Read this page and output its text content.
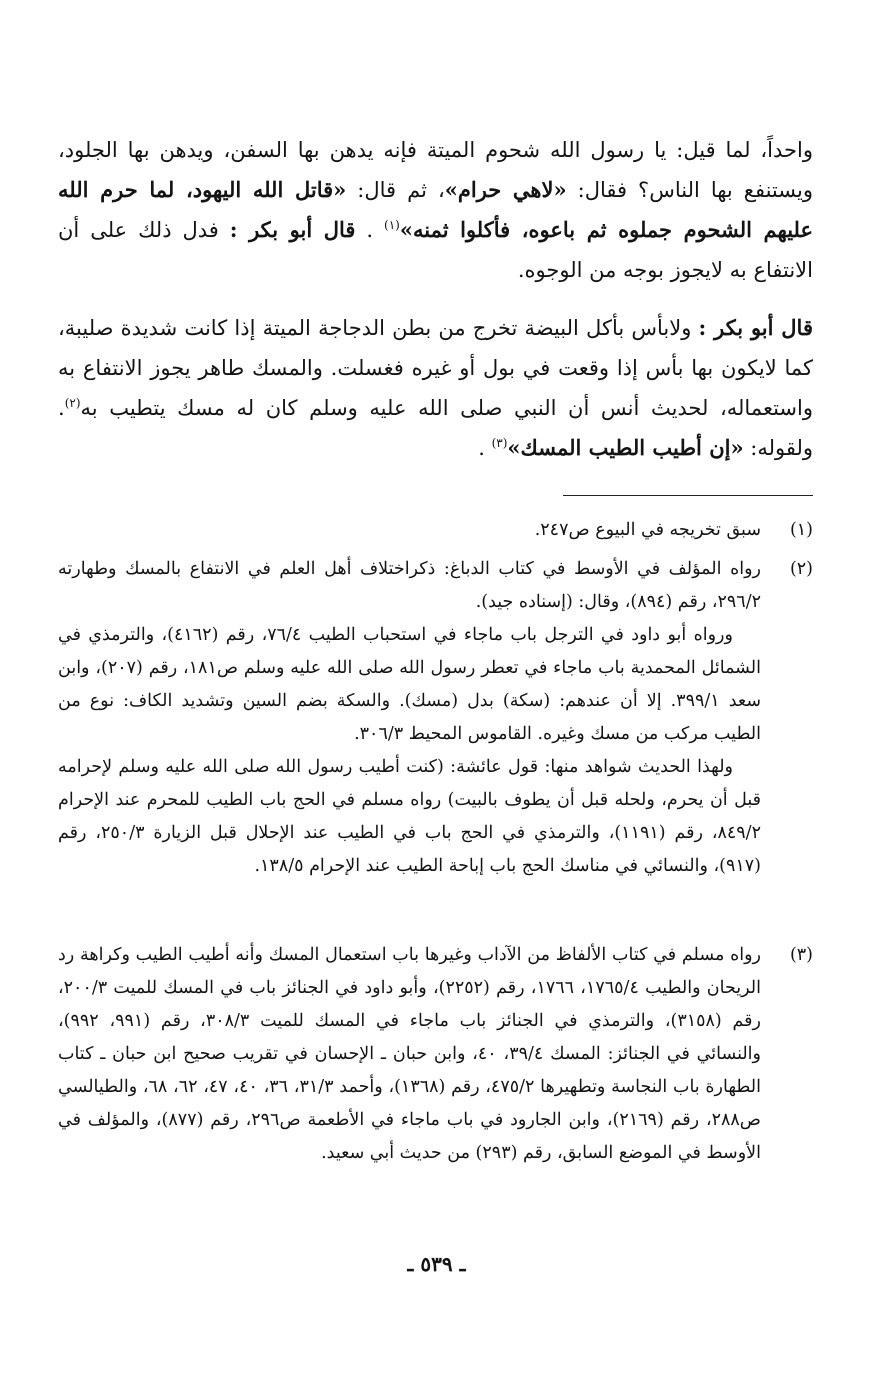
واحداً، لما قيل: يا رسول الله شحوم الميتة فإنه يدهن بها السفن، ويدهن بها الجلود، ويستنفع بها الناس؟ فقال: «لاهي حرام»، ثم قال: «قاتل الله اليهود، لما حرم الله عليهم الشحوم جملوه ثم باعوه، فأكلوا ثمنه»$^{(١)}$ . قال أبو بكر : فدل ذلك على أن الانتفاع به لايجوز بوجه من الوجوه.
قال أبو بكر : ولابأس بأكل البيضة تخرج من بطن الدجاجة الميتة إذا كانت شديدة صليبة، كما لايكون بها بأس إذا وقعت في بول أو غيره فغسلت. والمسك طاهر يجوز الانتفاع به واستعماله، لحديث أنس أن النبي صلى الله عليه وسلم كان له مسك يتطيب به$^{(٢)}$. ولقوله: «إن أطيب الطيب المسك»$^{(٣)}$ .
(١)

سبق تخريجه في البيوع ص٢٤٧.

(٢)

رواه المؤلف في الأوسط في كتاب الدباغ: ذكراختلاف أهل العلم في الانتفاع بالمسك وطهارته ٢٩٦/٢، رقم (٨٩٤)، وقال: (إسناده جيد).

ورواه أبو داود في الترجل باب ماجاء في استحباب الطيب ٧٦/٤، رقم (٤١٦٢)، والترمذي في الشمائل المحمدية باب ماجاء في تعطر رسول الله صلى الله عليه وسلم ص١٨١، رقم (٢٠٧)، وابن سعد ٣٩٩/١. إلا أن عندهم: (سكة) بدل (مسك). والسكة بضم السين وتشديد الكاف: نوع من الطيب مركب من مسك وغيره. القاموس المحيط ٣٠٦/٣.

ولهذا الحديث شواهد منها: قول عائشة: (كنت أطيب رسول الله صلى الله عليه وسلم لإحرامه قبل أن يحرم، ولحله قبل أن يطوف بالبيت) رواه مسلم في الحج باب الطيب للمحرم عند الإحرام ٨٤٩/٢، رقم (١١٩١)، والترمذي في الحج باب في الطيب عند الإحلال قبل الزيارة ٢٥٠/٣، رقم (٩١٧)، والنسائي في مناسك الحج باب إباحة الطيب عند الإحرام ١٣٨/٥.

(٣)

رواه مسلم في كتاب الألفاظ من الآداب وغيرها باب استعمال المسك وأنه أطيب الطيب وكراهة رد الريحان والطيب ١٧٦٥/٤، ١٧٦٦، رقم (٢٢٥٢)، وأبو داود في الجنائز باب في المسك للميت ٢٠٠/٣، رقم (٣١٥٨)، والترمذي في الجنائز باب ماجاء في المسك للميت ٣٠٨/٣، رقم (٩٩١، ٩٩٢)، والنسائي في الجنائز: المسك ٣٩/٤، ٤٠، وابن حبان ـ الإحسان في تقريب صحيح ابن حبان ـ كتاب الطهارة باب النجاسة وتطهيرها ٤٧٥/٢، رقم (١٣٦٨)، وأحمد ٣١/٣، ٣٦، ٤٠، ٤٧، ٦٢، ٦٨، والطيالسي ص٢٨٨، رقم (٢١٦٩)، وابن الجارود في باب ماجاء في الأطعمة ص٢٩٦، رقم (٨٧٧)، والمؤلف في الأوسط في الموضع السابق، رقم (٢٩٣) من حديث أبي سعيد.

ـ ٥٣٩ ـ
